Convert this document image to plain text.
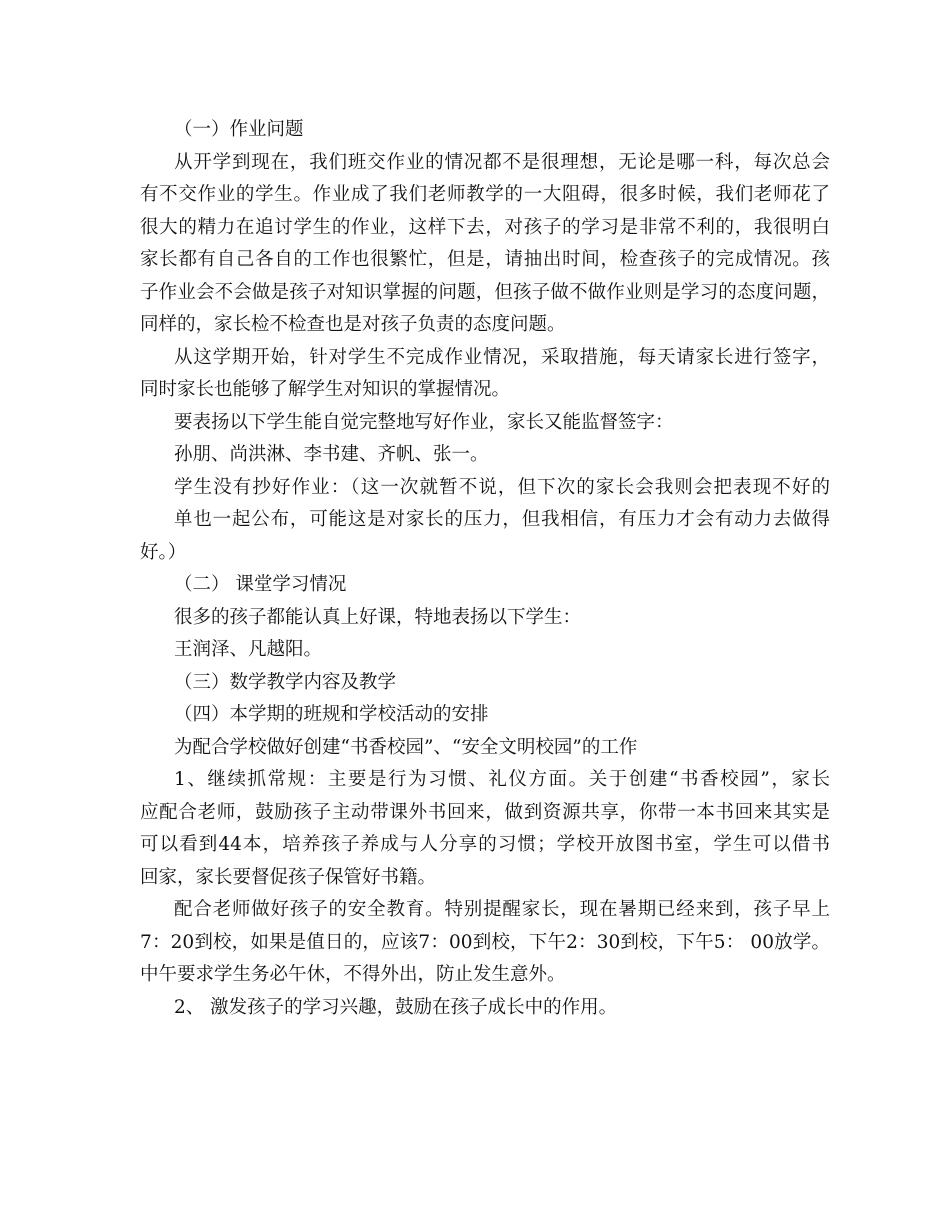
（一）作业问题
从开学到现在，我们班交作业的情况都不是很理想，无论是哪一科，每次总会
有不交作业的学生。作业成了我们老师教学的一大阻碍，很多时候，我们老师花了
很大的精力在追讨学生的作业，这样下去，对孩子的学习是非常不利的，我很明白
家长都有自己各自的工作也很繁忙，但是，请抽出时间，检查孩子的完成情况。孩
子作业会不会做是孩子对知识掌握的问题，但孩子做不做作业则是学习的态度问题，
同样的，家长检不检查也是对孩子负责的态度问题。
从这学期开始，针对学生不完成作业情况，采取措施，每天请家长进行签字，
同时家长也能够了解学生对知识的掌握情况。
要表扬以下学生能自觉完整地写好作业，家长又能监督签字：
孙朋、尚洪淋、李书建、齐帆、张一。
学生没有抄好作业：（这一次就暂不说，但下次的家长会我则会把表现不好的
单也一起公布，可能这是对家长的压力，但我相信，有压力才会有动力去做得
好。）
（二） 课堂学习情况
很多的孩子都能认真上好课，特地表扬以下学生：
王润泽、凡越阳。
（三）数学教学内容及教学
（四）本学期的班规和学校活动的安排
为配合学校做好创建“书香校园”、“安全文明校园”的工作
1、继续抓常规：主要是行为习惯、礼仪方面。关于创建“书香校园”，家长
应配合老师，鼓励孩子主动带课外书回来，做到资源共享，你带一本书回来其实是
可以看到44本，培养孩子养成与人分享的习惯；学校开放图书室，学生可以借书
回家，家长要督促孩子保管好书籍。
配合老师做好孩子的安全教育。特别提醒家长，现在暑期已经来到，孩子早上
7：20到校，如果是值日的，应该7：00到校，下午2：30到校，下午5： 00放学。
中午要求学生务必午休，不得外出，防止发生意外。
2、 激发孩子的学习兴趣，鼓励在孩子成长中的作用。
